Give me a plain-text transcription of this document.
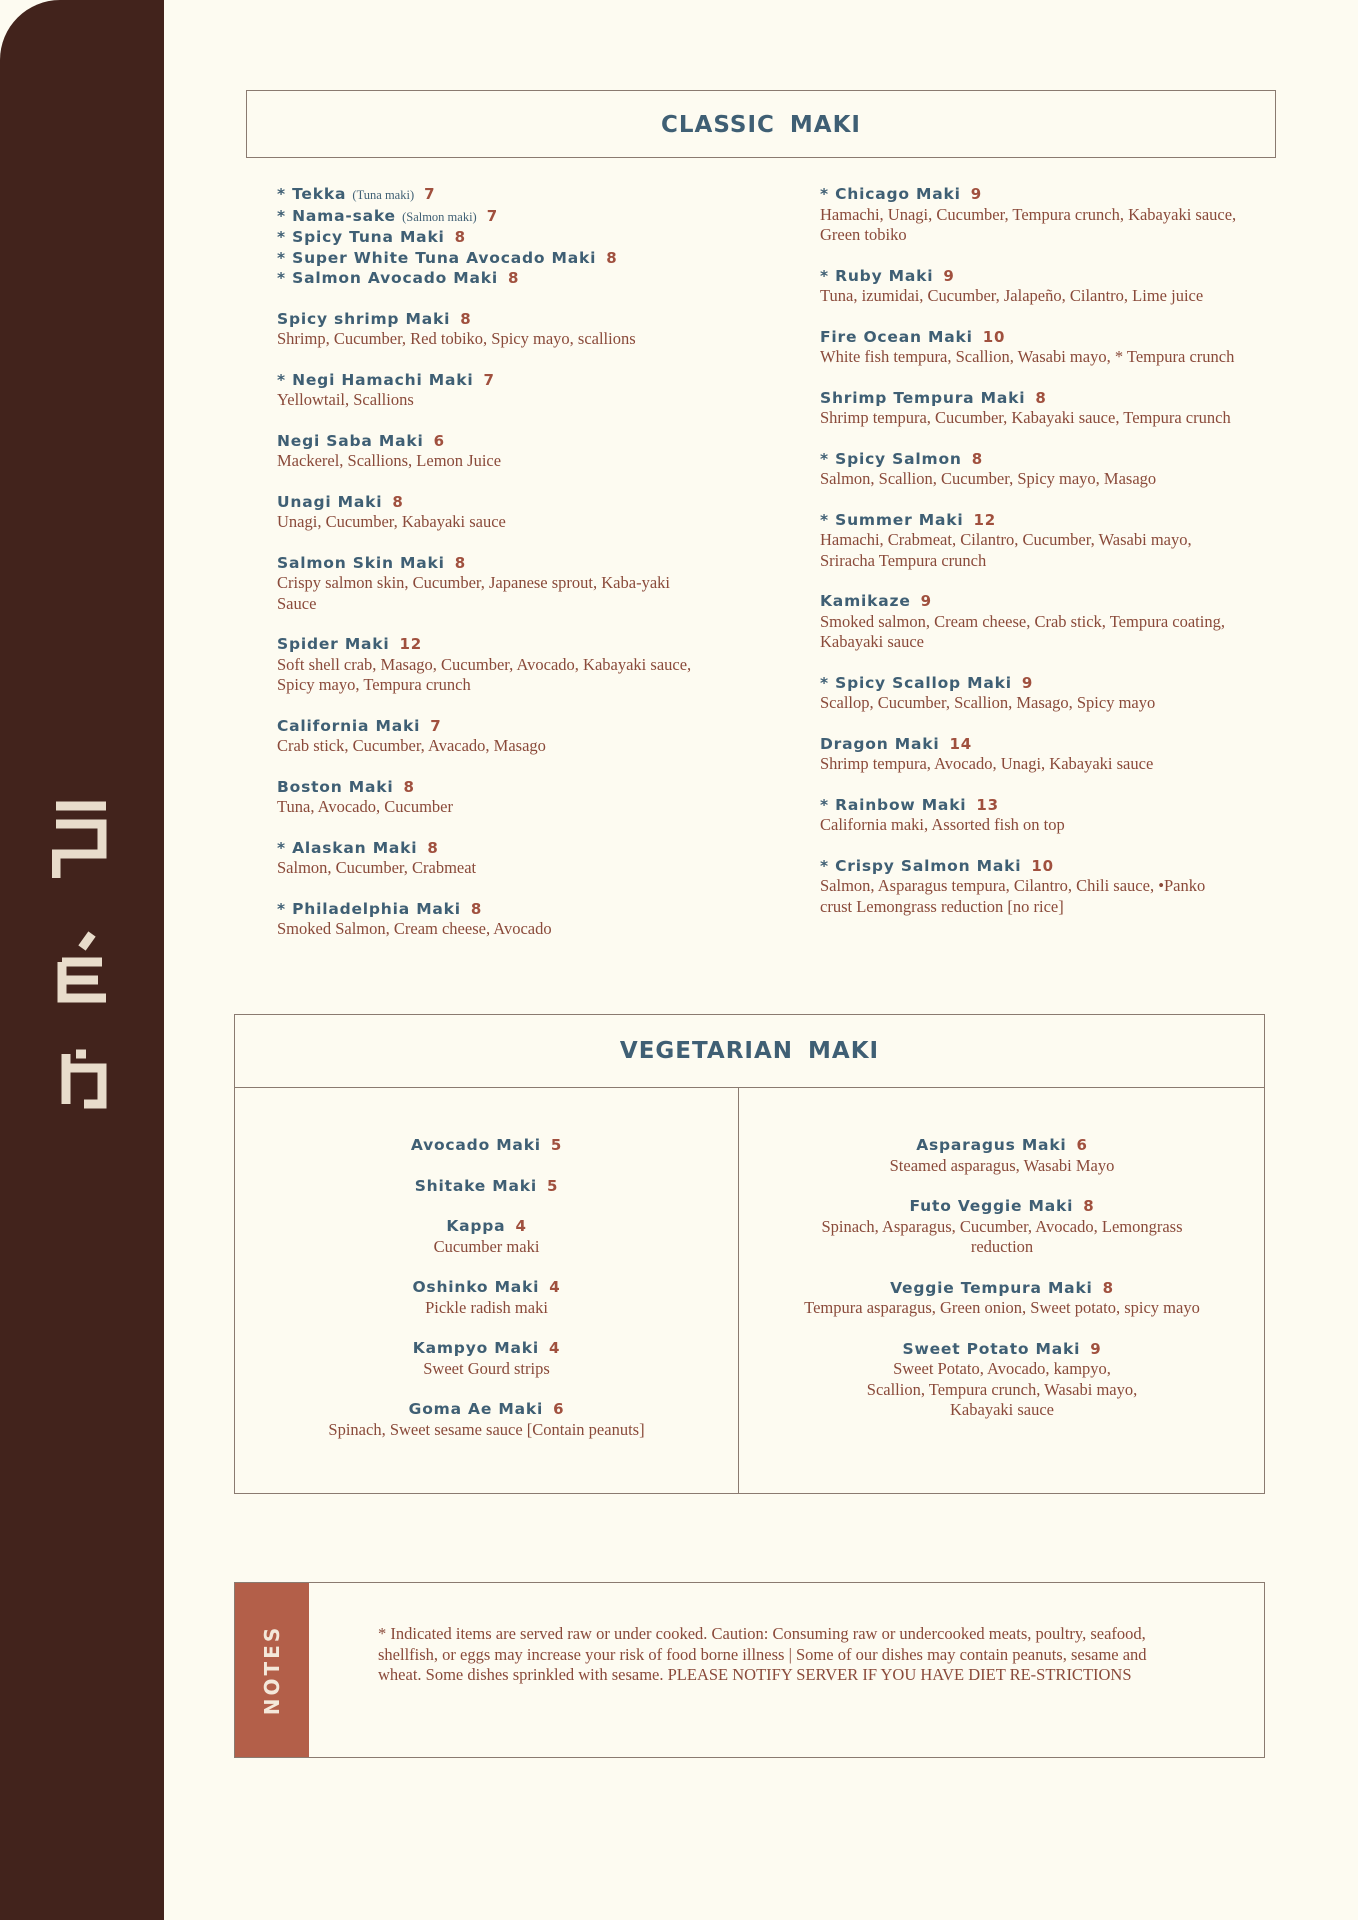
CLASSIC MAKI
* Tekka (Tuna maki) 7
* Nama-sake (Salmon maki) 7
* Spicy Tuna Maki 8
* Super White Tuna Avocado Maki 8
* Salmon Avocado Maki 8
Spicy shrimp Maki 8
Shrimp, Cucumber, Red tobiko, Spicy mayo, scallions
* Negi Hamachi Maki 7
Yellowtail, Scallions
Negi Saba Maki 6
Mackerel, Scallions, Lemon Juice
Unagi Maki 8
Unagi, Cucumber, Kabayaki sauce
Salmon Skin Maki 8
Crispy salmon skin, Cucumber, Japanese sprout, Kaba-yaki Sauce
Spider Maki 12
Soft shell crab, Masago, Cucumber, Avocado, Kabayaki sauce, Spicy mayo, Tempura crunch
California Maki 7
Crab stick, Cucumber, Avacado, Masago
Boston Maki 8
Tuna, Avocado, Cucumber
* Alaskan Maki 8
Salmon, Cucumber, Crabmeat
* Philadelphia Maki 8
Smoked Salmon, Cream cheese, Avocado
* Chicago Maki 9
Hamachi, Unagi, Cucumber, Tempura crunch, Kabayaki sauce, Green tobiko
* Ruby Maki 9
Tuna, izumidai, Cucumber, Jalapeño, Cilantro, Lime juice
Fire Ocean Maki 10
White fish tempura, Scallion, Wasabi mayo, * Tempura crunch
Shrimp Tempura Maki 8
Shrimp tempura, Cucumber, Kabayaki sauce, Tempura crunch
* Spicy Salmon 8
Salmon, Scallion, Cucumber, Spicy mayo, Masago
* Summer Maki 12
Hamachi, Crabmeat, Cilantro, Cucumber, Wasabi mayo, Sriracha Tempura crunch
Kamikaze 9
Smoked salmon, Cream cheese, Crab stick, Tempura coating, Kabayaki sauce
* Spicy Scallop Maki 9
Scallop, Cucumber, Scallion, Masago, Spicy mayo
Dragon Maki 14
Shrimp tempura, Avocado, Unagi, Kabayaki sauce
* Rainbow Maki 13
California maki, Assorted fish on top
* Crispy Salmon Maki 10
Salmon, Asparagus tempura, Cilantro, Chili sauce, •Panko crust Lemongrass reduction [no rice]
VEGETARIAN MAKI
Avocado Maki 5
Shitake Maki 5
Kappa 4
Cucumber maki
Oshinko Maki 4
Pickle radish maki
Kampyo Maki 4
Sweet Gourd strips
Goma Ae Maki 6
Spinach, Sweet sesame sauce [Contain peanuts]
Asparagus Maki 6
Steamed asparagus, Wasabi Mayo
Futo Veggie Maki 8
Spinach, Asparagus, Cucumber, Avocado, Lemongrass reduction
Veggie Tempura Maki 8
Tempura asparagus, Green onion, Sweet potato, spicy mayo
Sweet Potato Maki 9
Sweet Potato, Avocado, kampyo, Scallion, Tempura crunch, Wasabi mayo, Kabayaki sauce
NOTES	* Indicated items are served raw or under cooked. Caution: Consuming raw or undercooked meats, poultry, seafood, shellfish, or eggs may increase your risk of food borne illness | Some of our dishes may contain peanuts, sesame and wheat. Some dishes sprinkled with sesame. PLEASE NOTIFY SERVER IF YOU HAVE DIET RE-STRICTIONS
